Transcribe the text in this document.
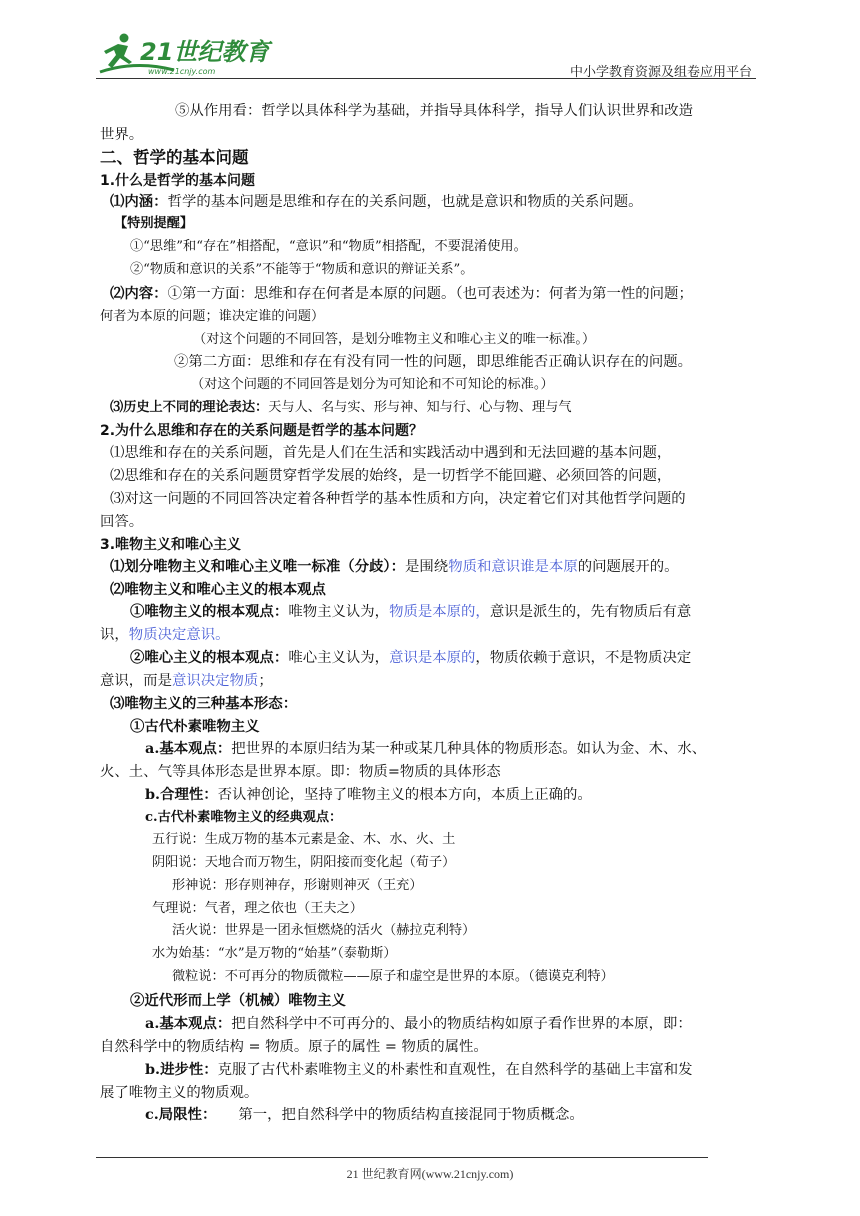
21世纪教育
www.21cnjy.com	中小学教育资源及组卷应用平台
⑤从作用看：哲学以具体科学为基础，并指导具体科学，指导人们认识世界和改造
世界。
二、哲学的基本问题
1.什么是哲学的基本问题
⑴内涵：哲学的基本问题是思维和存在的关系问题，也就是意识和物质的关系问题。
【特别提醒】
①“思维”和“存在”相搭配，“意识”和“物质”相搭配，不要混淆使用。
②“物质和意识的关系”不能等于“物质和意识的辩证关系”。
⑵内容：①第一方面：思维和存在何者是本原的问题。（也可表述为：何者为第一性的问题；
何者为本原的问题；谁决定谁的问题）
（对这个问题的不同回答，是划分唯物主义和唯心主义的唯一标准。）
②第二方面：思维和存在有没有同一性的问题，即思维能否正确认识存在的问题。
（对这个问题的不同回答是划分为可知论和不可知论的标准。）
⑶历史上不同的理论表达：天与人、名与实、形与神、知与行、心与物、理与气
2.为什么思维和存在的关系问题是哲学的基本问题？
⑴思维和存在的关系问题，首先是人们在生活和实践活动中遇到和无法回避的基本问题，
⑵思维和存在的关系问题贯穿哲学发展的始终，是一切哲学不能回避、必须回答的问题，
⑶对这一问题的不同回答决定着各种哲学的基本性质和方向，决定着它们对其他哲学问题的
回答。
3.唯物主义和唯心主义
⑴划分唯物主义和唯心主义唯一标准（分歧）：是围绕物质和意识谁是本原的问题展开的。
⑵唯物主义和唯心主义的根本观点
①唯物主义的根本观点：唯物主义认为，物质是本原的，意识是派生的，先有物质后有意
识，物质决定意识。
②唯心主义的根本观点：唯心主义认为，意识是本原的，物质依赖于意识，不是物质决定
意识，而是意识决定物质；
⑶唯物主义的三种基本形态：
①古代朴素唯物主义
a.基本观点：把世界的本原归结为某一种或某几种具体的物质形态。如认为金、木、水、
火、土、气等具体形态是世界本原。即：物质=物质的具体形态
b.合理性：否认神创论，坚持了唯物主义的根本方向，本质上正确的。
c.古代朴素唯物主义的经典观点：
五行说：生成万物的基本元素是金、木、水、火、土
阴阳说：天地合而万物生，阴阳接而变化起（荀子）
形神说：形存则神存，形谢则神灭（王充）
气理说：气者，理之依也（王夫之）
活火说：世界是一团永恒燃烧的活火（赫拉克利特）
水为始基：“水”是万物的“始基”（泰勒斯）
微粒说：不可再分的物质微粒——原子和虚空是世界的本原。（德谟克利特）
②近代形而上学（机械）唯物主义
a.基本观点：把自然科学中不可再分的、最小的物质结构如原子看作世界的本原，即：
自然科学中的物质结构 = 物质。原子的属性 = 物质的属性。
b.进步性：克服了古代朴素唯物主义的朴素性和直观性，在自然科学的基础上丰富和发
展了唯物主义的物质观。
c.局限性： 第一，把自然科学中的物质结构直接混同于物质概念。
21 世纪教育网(www.21cnjy.com)
